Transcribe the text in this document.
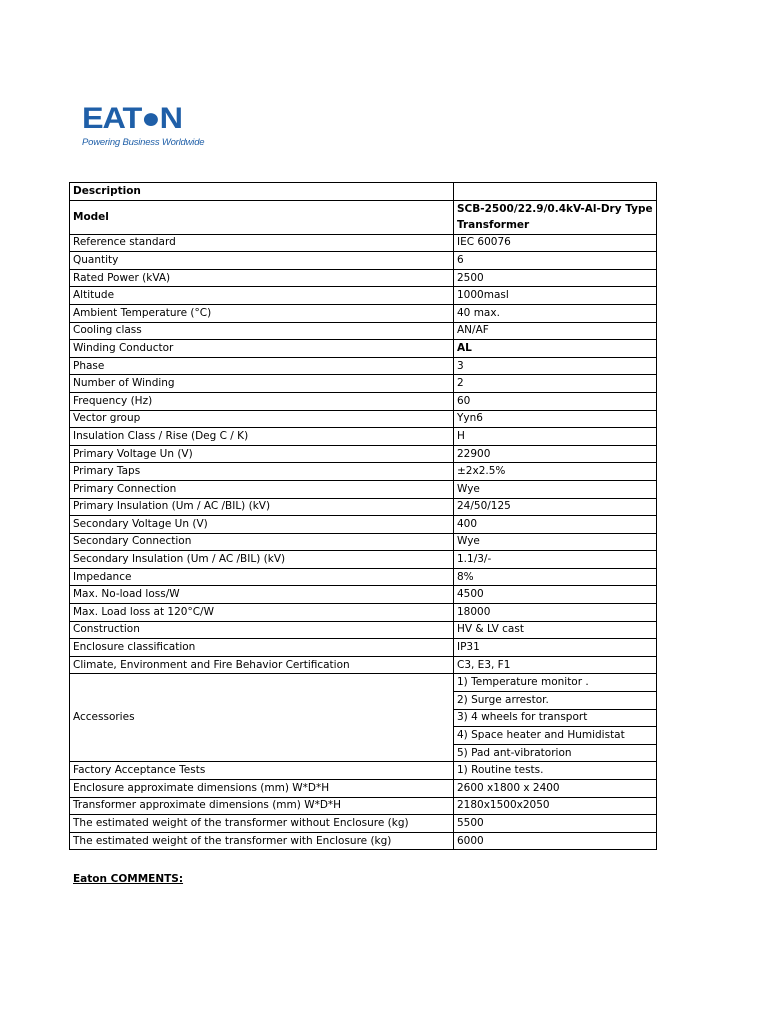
EAT●N
Powering Business Worldwide
Description	
Model	SCB-2500/22.9/0.4kV-Al-Dry Type Transformer
Reference standard	IEC 60076
Quantity	6
Rated Power (kVA)	2500
Altitude	1000masl
Ambient Temperature (°C)	40 max.
Cooling class	AN/AF
Winding Conductor	AL
Phase	3
Number of Winding	2
Frequency (Hz)	60
Vector group	Yyn6
Insulation Class / Rise (Deg C / K)	H
Primary Voltage Un (V)	22900
Primary Taps	±2x2.5%
Primary Connection	Wye
Primary Insulation (Um / AC /BIL) (kV)	24/50/125
Secondary Voltage Un (V)	400
Secondary Connection	Wye
Secondary Insulation (Um / AC /BIL) (kV)	1.1/3/-
Impedance	8%
Max. No-load loss/W	4500
Max. Load loss at 120°C/W	18000
Construction	HV & LV cast
Enclosure classification	IP31
Climate, Environment and Fire Behavior Certification	C3, E3, F1
Accessories	1) Temperature monitor .
	2) Surge arrestor.
	3) 4 wheels for transport
	4) Space heater and Humidistat
	5) Pad ant-vibratorion
Factory Acceptance Tests	1) Routine tests.
Enclosure approximate dimensions (mm) W*D*H	2600 x1800 x 2400
Transformer approximate dimensions (mm) W*D*H	2180x1500x2050
The estimated weight of the transformer without Enclosure (kg)	5500
The estimated weight of the transformer with Enclosure (kg)	6000
Eaton COMMENTS:
